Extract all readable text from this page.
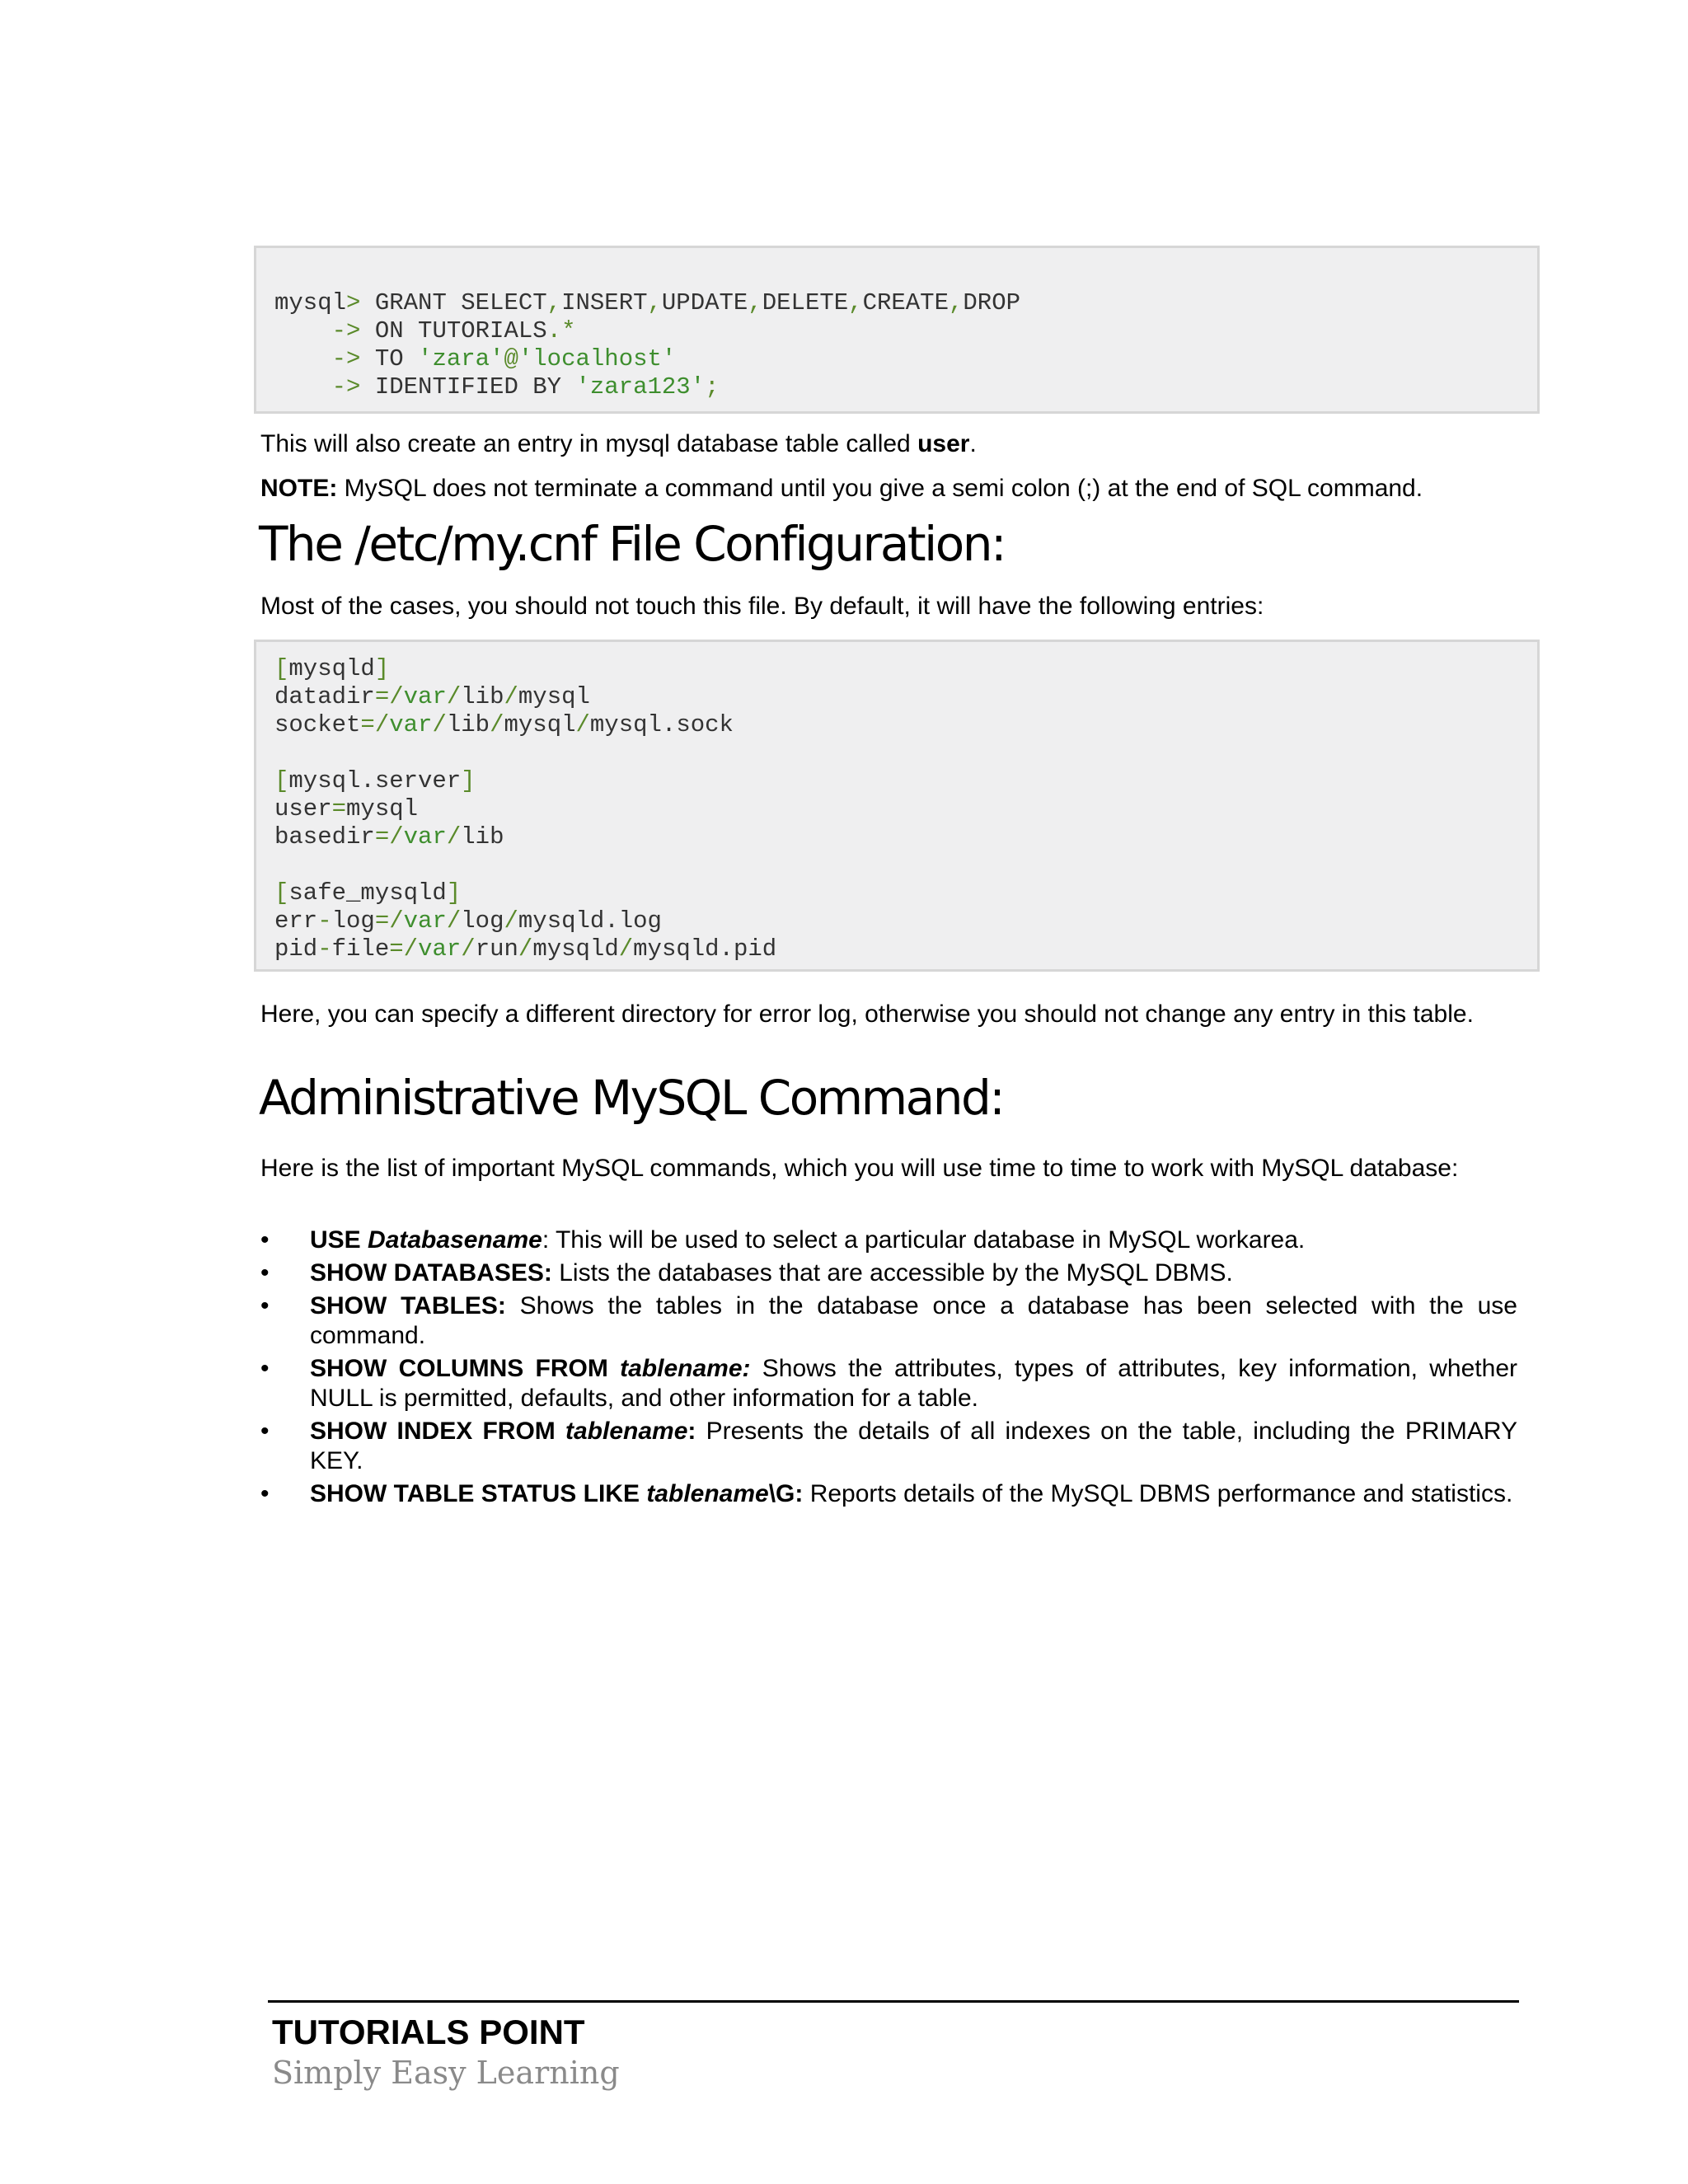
mysql> GRANT SELECT,INSERT,UPDATE,DELETE,CREATE,DROP
-> ON TUTORIALS.*
-> TO 'zara'@'localhost'
-> IDENTIFIED BY 'zara123';
This will also create an entry in mysql database table called user.
NOTE: MySQL does not terminate a command until you give a semi colon (;) at the end of SQL command.
The /etc/my.cnf File Configuration:
Most of the cases, you should not touch this file. By default, it will have the following entries:
[mysqld]
datadir=/var/lib/mysql
socket=/var/lib/mysql/mysql.sock
[mysql.server]
user=mysql
basedir=/var/lib
[safe_mysqld]
err-log=/var/log/mysqld.log
pid-file=/var/run/mysqld/mysqld.pid
Here, you can specify a different directory for error log, otherwise you should not change any entry in this table.
Administrative MySQL Command:
Here is the list of important MySQL commands, which you will use time to time to work with MySQL database:
• USE Databasename: This will be used to select a particular database in MySQL workarea.
• SHOW DATABASES: Lists the databases that are accessible by the MySQL DBMS.
• SHOW TABLES: Shows the tables in the database once a database has been selected with the use command.
• SHOW COLUMNS FROM tablename: Shows the attributes, types of attributes, key information, whether NULL is permitted, defaults, and other information for a table.
• SHOW INDEX FROM tablename: Presents the details of all indexes on the table, including the PRIMARY KEY.
• SHOW TABLE STATUS LIKE tablename\G: Reports details of the MySQL DBMS performance and statistics.
TUTORIALS POINT
Simply Easy Learning
